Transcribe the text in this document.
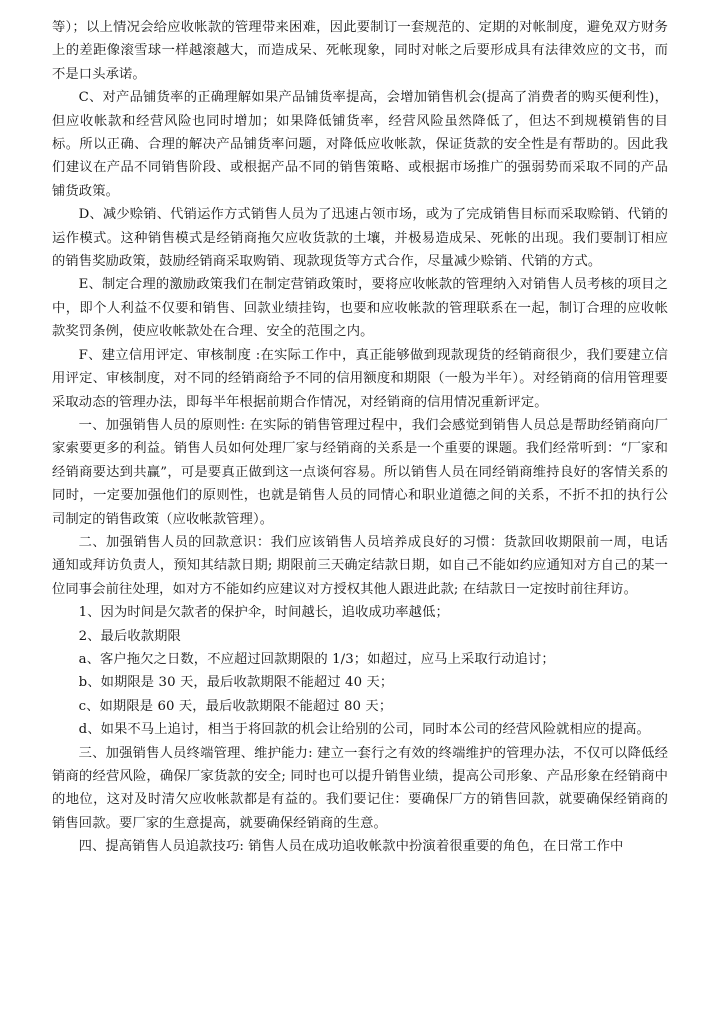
等）；以上情况会给应收帐款的管理带来困难，因此要制订一套规范的、定期的对帐制度，避免双方财务上的差距像滚雪球一样越滚越大，而造成呆、死帐现象，同时对帐之后要形成具有法律效应的文书，而不是口头承诺。

C、对产品铺货率的正确理解如果产品铺货率提高，会增加销售机会(提高了消费者的购买便利性)，但应收帐款和经营风险也同时增加；如果降低铺货率，经营风险虽然降低了，但达不到规模销售的目标。所以正确、合理的解决产品铺货率问题，对降低应收帐款，保证货款的安全性是有帮助的。因此我们建议在产品不同销售阶段、或根据产品不同的销售策略、或根据市场推广的强弱势而采取不同的产品铺货政策。

D、减少赊销、代销运作方式销售人员为了迅速占领市场，或为了完成销售目标而采取赊销、代销的运作模式。这种销售模式是经销商拖欠应收货款的土壤，并极易造成呆、死帐的出现。我们要制订相应的销售奖励政策，鼓励经销商采取购销、现款现货等方式合作，尽量减少赊销、代销的方式。

E、制定合理的激励政策我们在制定营销政策时，要将应收帐款的管理纳入对销售人员考核的项目之中，即个人利益不仅要和销售、回款业绩挂钩，也要和应收帐款的管理联系在一起，制订合理的应收帐款奖罚条例，使应收帐款处在合理、安全的范围之内。

F、建立信用评定、审核制度 :在实际工作中，真正能够做到现款现货的经销商很少，我们要建立信用评定、审核制度，对不同的经销商给予不同的信用额度和期限（一般为半年）。对经销商的信用管理要采取动态的管理办法，即每半年根据前期合作情况，对经销商的信用情况重新评定。

一、加强销售人员的原则性: 在实际的销售管理过程中，我们会感觉到销售人员总是帮助经销商向厂家索要更多的利益。销售人员如何处理厂家与经销商的关系是一个重要的课题。我们经常听到：“厂家和经销商要达到共赢”，可是要真正做到这一点谈何容易。所以销售人员在同经销商维持良好的客情关系的同时，一定要加强他们的原则性，也就是销售人员的同情心和职业道德之间的关系，不折不扣的执行公司制定的销售政策（应收帐款管理）。

二、加强销售人员的回款意识：我们应该销售人员培养成良好的习惯：货款回收期限前一周，电话通知或拜访负责人，预知其结款日期; 期限前三天确定结款日期，如自己不能如约应通知对方自己的某一位同事会前往处理，如对方不能如约应建议对方授权其他人跟进此款; 在结款日一定按时前往拜访。

1、因为时间是欠款者的保护伞，时间越长，追收成功率越低；

2、最后收款期限

a、客户拖欠之日数，不应超过回款期限的 1/3；如超过，应马上采取行动追讨；

b、如期限是 30 天，最后收款期限不能超过 40 天；

c、如期限是 60 天，最后收款期限不能超过 80 天；

d、如果不马上追讨，相当于将回款的机会让给别的公司，同时本公司的经营风险就相应的提高。

三、加强销售人员终端管理、维护能力: 建立一套行之有效的终端维护的管理办法，不仅可以降低经销商的经营风险，确保厂家货款的安全; 同时也可以提升销售业绩，提高公司形象、产品形象在经销商中的地位，这对及时清欠应收帐款都是有益的。我们要记住：要确保厂方的销售回款，就要确保经销商的销售回款。要厂家的生意提高，就要确保经销商的生意。

四、提高销售人员追款技巧: 销售人员在成功追收帐款中扮演着很重要的角色，在日常工作中
